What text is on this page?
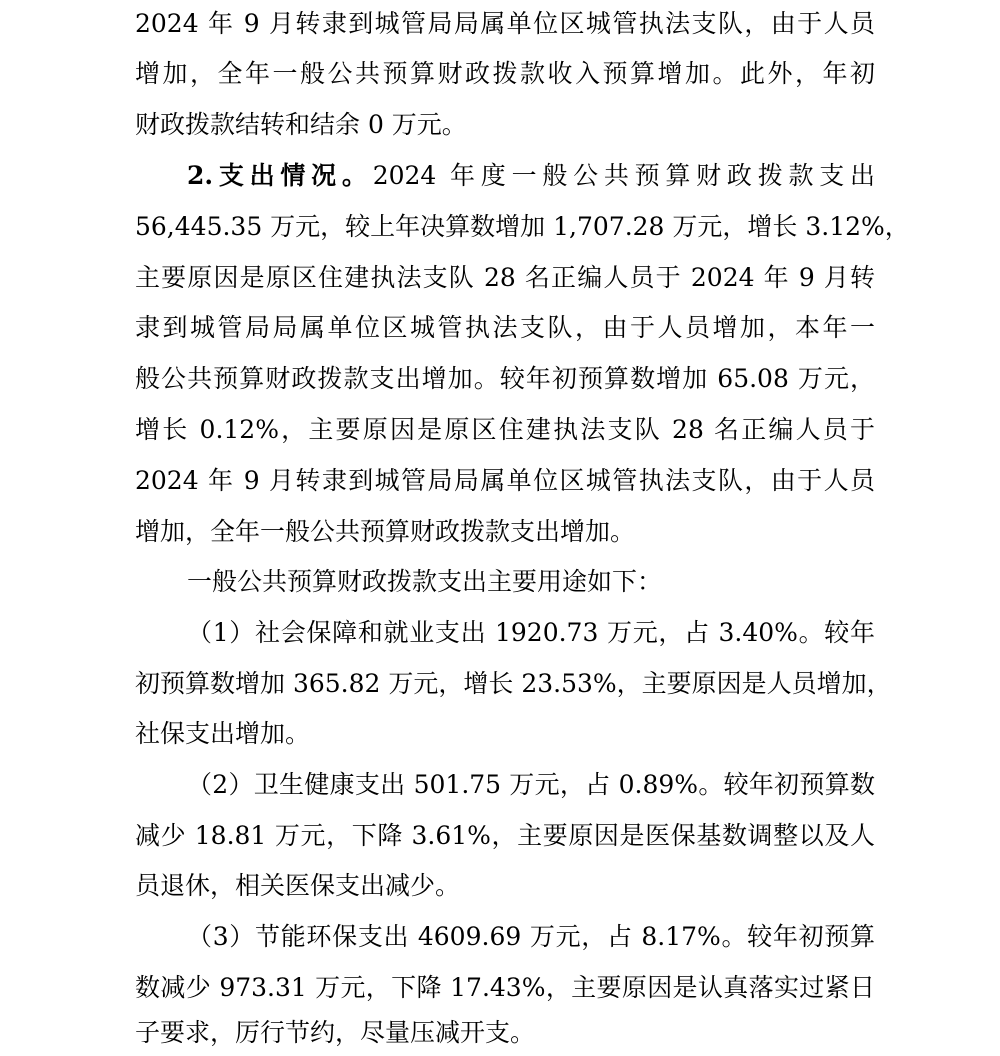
2024 年 9 月转隶到城管局局属单位区城管执法支队，由于人员
增加，全年一般公共预算财政拨款收入预算增加。此外，年初
财政拨款结转和结余 0 万元。
2.支出情况。2024 年度一般公共预算财政拨款支出
56,445.35 万元，较上年决算数增加 1,707.28 万元，增长 3.12%，
主要原因是原区住建执法支队 28 名正编人员于 2024 年 9 月转
隶到城管局局属单位区城管执法支队，由于人员增加，本年一
般公共预算财政拨款支出增加。较年初预算数增加 65.08 万元，
增长 0.12%，主要原因是原区住建执法支队 28 名正编人员于
2024 年 9 月转隶到城管局局属单位区城管执法支队，由于人员
增加，全年一般公共预算财政拨款支出增加。
一般公共预算财政拨款支出主要用途如下：
（1）社会保障和就业支出 1920.73 万元，占 3.40%。较年
初预算数增加 365.82 万元，增长 23.53%，主要原因是人员增加，
社保支出增加。
（2）卫生健康支出 501.75 万元，占 0.89%。较年初预算数
减少 18.81 万元，下降 3.61%，主要原因是医保基数调整以及人
员退休，相关医保支出减少。
（3）节能环保支出 4609.69 万元，占 8.17%。较年初预算
数减少 973.31 万元，下降 17.43%，主要原因是认真落实过紧日
子要求，厉行节约，尽量压减开支。
